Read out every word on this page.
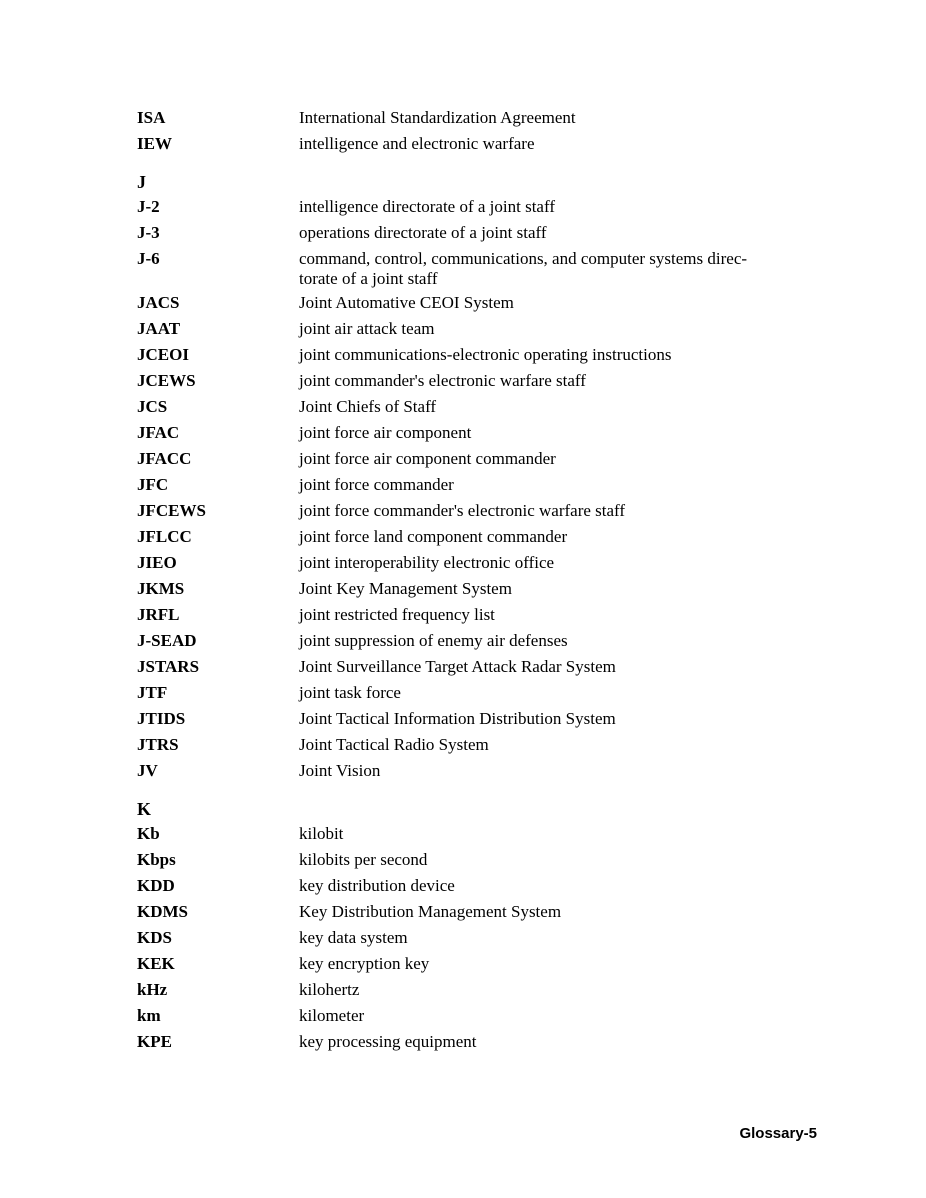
ISA	International Standardization Agreement
IEW	intelligence and electronic warfare
J
J-2	intelligence directorate of a joint staff
J-3	operations directorate of a joint staff
J-6	command, control, communications, and computer systems direc-
torate of a joint staff
JACS	Joint Automative CEOI System
JAAT	joint air attack team
JCEOI	joint communications-electronic operating instructions
JCEWS	joint commander's electronic warfare staff
JCS	Joint Chiefs of Staff
JFAC	joint force air component
JFACC	joint force air component commander
JFC	joint force commander
JFCEWS	joint force commander's electronic warfare staff
JFLCC	joint force land component commander
JIEO	joint interoperability electronic office
JKMS	Joint Key Management System
JRFL	joint restricted frequency list
J-SEAD	joint suppression of enemy air defenses
JSTARS	Joint Surveillance Target Attack Radar System
JTF	joint task force
JTIDS	Joint Tactical Information Distribution System
JTRS	Joint Tactical Radio System
JV	Joint Vision
K
Kb	kilobit
Kbps	kilobits per second
KDD	key distribution device
KDMS	Key Distribution Management System
KDS	key data system
KEK	key encryption key
kHz	kilohertz
km	kilometer
KPE	key processing equipment
Glossary-5
